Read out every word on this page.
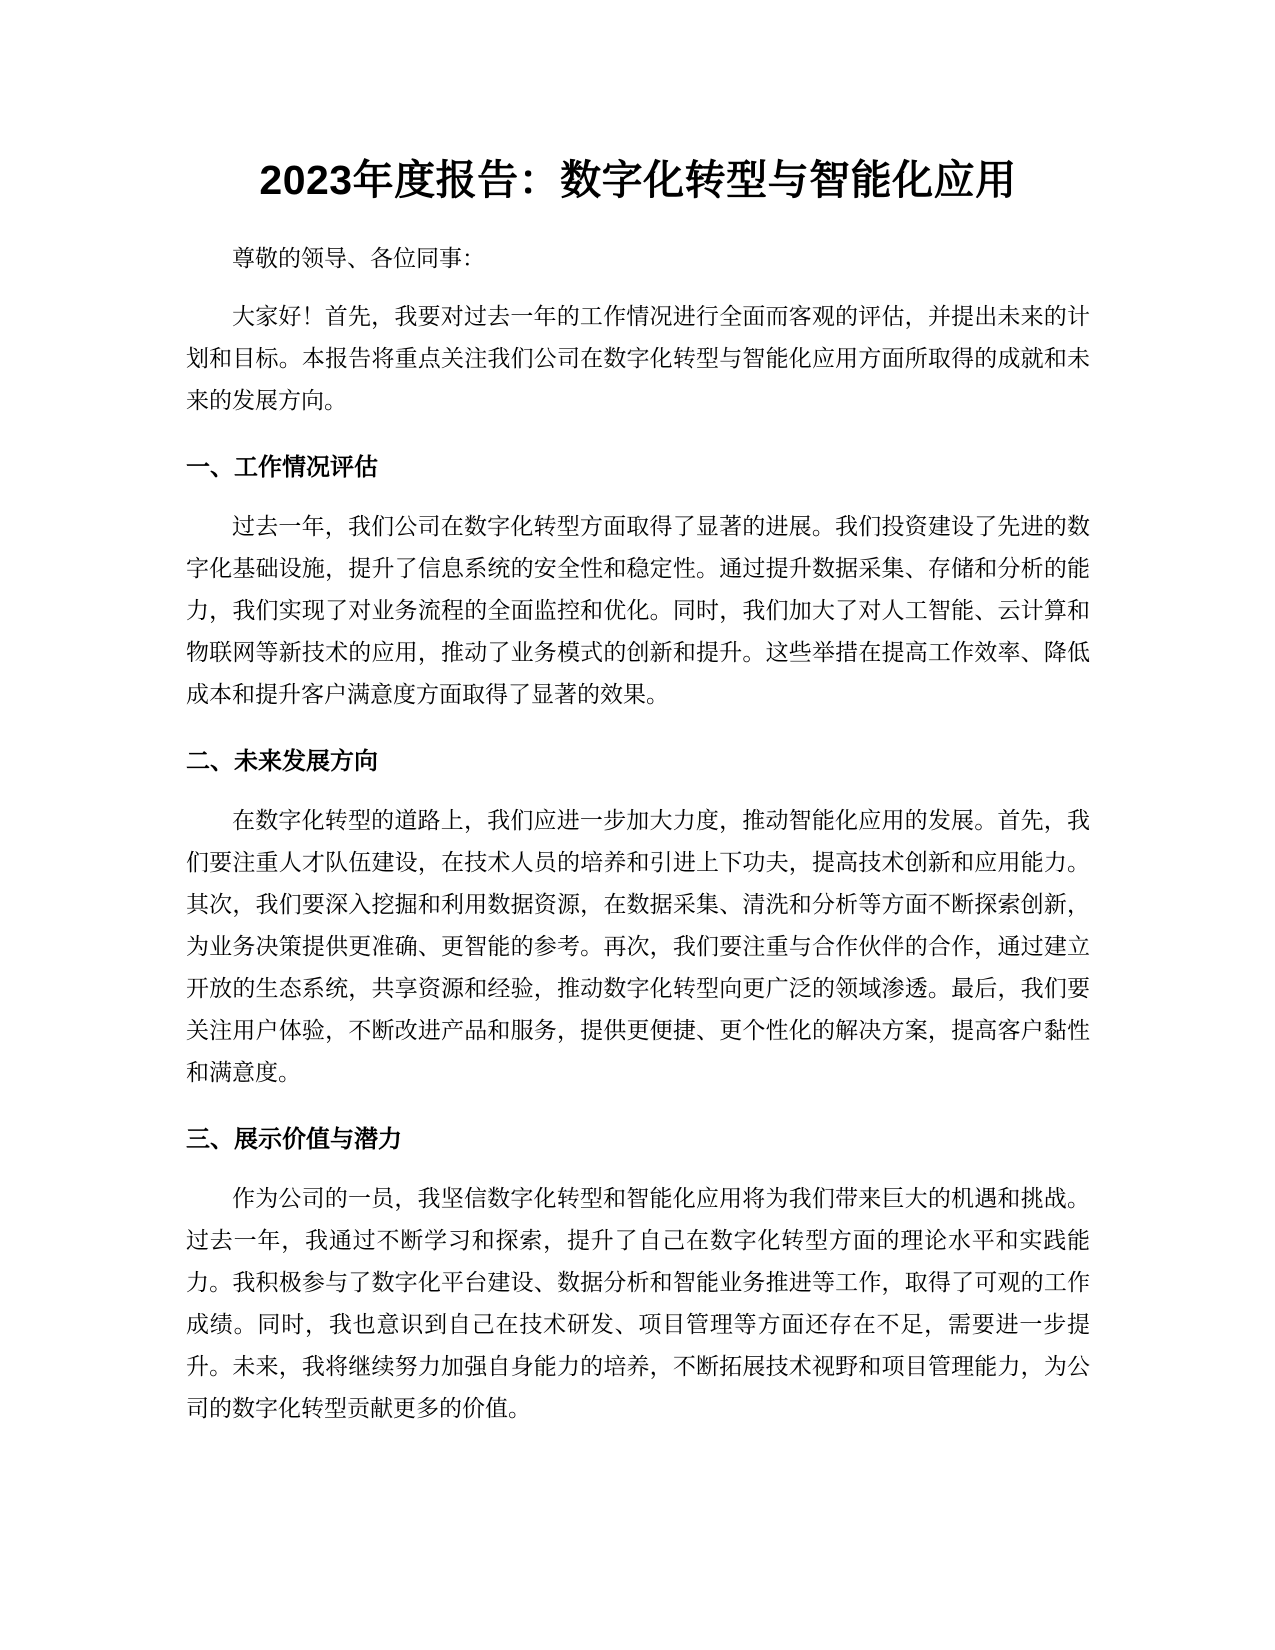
2023年度报告：数字化转型与智能化应用

尊敬的领导、各位同事：

大家好！首先，我要对过去一年的工作情况进行全面而客观的评估，并提出未来的计划和目标。本报告将重点关注我们公司在数字化转型与智能化应用方面所取得的成就和未来的发展方向。

一、工作情况评估

过去一年，我们公司在数字化转型方面取得了显著的进展。我们投资建设了先进的数字化基础设施，提升了信息系统的安全性和稳定性。通过提升数据采集、存储和分析的能力，我们实现了对业务流程的全面监控和优化。同时，我们加大了对人工智能、云计算和物联网等新技术的应用，推动了业务模式的创新和提升。这些举措在提高工作效率、降低成本和提升客户满意度方面取得了显著的效果。

二、未来发展方向

在数字化转型的道路上，我们应进一步加大力度，推动智能化应用的发展。首先，我们要注重人才队伍建设，在技术人员的培养和引进上下功夫，提高技术创新和应用能力。其次，我们要深入挖掘和利用数据资源，在数据采集、清洗和分析等方面不断探索创新，为业务决策提供更准确、更智能的参考。再次，我们要注重与合作伙伴的合作，通过建立开放的生态系统，共享资源和经验，推动数字化转型向更广泛的领域渗透。最后，我们要关注用户体验，不断改进产品和服务，提供更便捷、更个性化的解决方案，提高客户黏性和满意度。

三、展示价值与潜力

作为公司的一员，我坚信数字化转型和智能化应用将为我们带来巨大的机遇和挑战。过去一年，我通过不断学习和探索，提升了自己在数字化转型方面的理论水平和实践能力。我积极参与了数字化平台建设、数据分析和智能业务推进等工作，取得了可观的工作成绩。同时，我也意识到自己在技术研发、项目管理等方面还存在不足，需要进一步提升。未来，我将继续努力加强自身能力的培养，不断拓展技术视野和项目管理能力，为公司的数字化转型贡献更多的价值。
